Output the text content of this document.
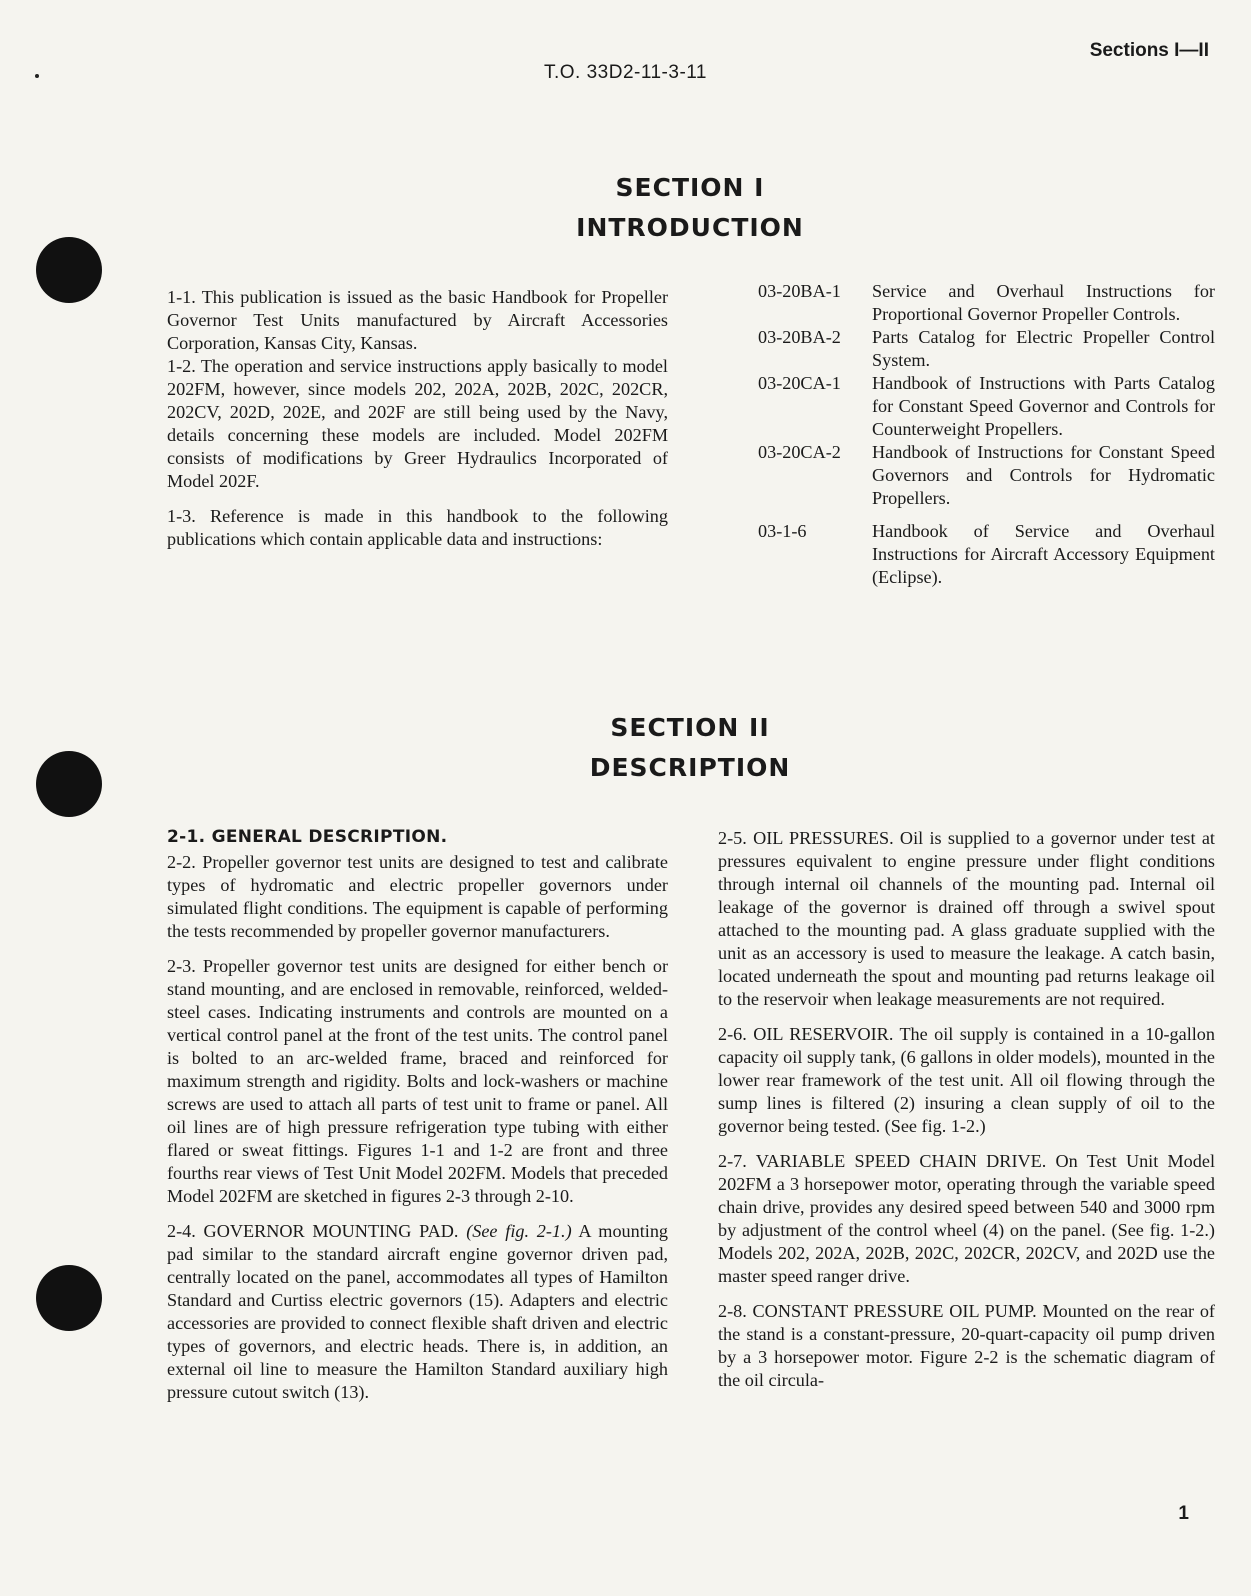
Sections I—II
T.O. 33D2-11-3-11
SECTION I
INTRODUCTION

1-1. This publication is issued as the basic Handbook for Propeller Governor Test Units manufactured by Aircraft Accessories Corporation, Kansas City, Kansas.

1-2. The operation and service instructions apply basically to model 202FM, however, since models 202, 202A, 202B, 202C, 202CR, 202CV, 202D, 202E, and 202F are still being used by the Navy, details concerning these models are included. Model 202FM consists of modifications by Greer Hydraulics Incorporated of Model 202F.

1-3. Reference is made in this handbook to the following publications which contain applicable data and instructions:

03-20BA-1	Service and Overhaul Instructions for Proportional Governor Propeller Controls.
03-20BA-2	Parts Catalog for Electric Propeller Control System.
03-20CA-1	Handbook of Instructions with Parts Catalog for Constant Speed Governor and Controls for Counterweight Propellers.
03-20CA-2	Handbook of Instructions for Constant Speed Governors and Controls for Hydromatic Propellers.
03-1-6	Handbook of Service and Overhaul Instructions for Aircraft Accessory Equipment (Eclipse).
SECTION II
DESCRIPTION

2-1. GENERAL DESCRIPTION.

2-2. Propeller governor test units are designed to test and calibrate types of hydromatic and electric propeller governors under simulated flight conditions. The equipment is capable of performing the tests recommended by propeller governor manufacturers.

2-3. Propeller governor test units are designed for either bench or stand mounting, and are enclosed in removable, reinforced, welded-steel cases. Indicating instruments and controls are mounted on a vertical control panel at the front of the test units. The control panel is bolted to an arc-welded frame, braced and reinforced for maximum strength and rigidity. Bolts and lock-washers or machine screws are used to attach all parts of test unit to frame or panel. All oil lines are of high pressure refrigeration type tubing with either flared or sweat fittings. Figures 1-1 and 1-2 are front and three fourths rear views of Test Unit Model 202FM. Models that preceded Model 202FM are sketched in figures 2-3 through 2-10.

2-4. GOVERNOR MOUNTING PAD. (See fig. 2-1.) A mounting pad similar to the standard aircraft engine governor driven pad, centrally located on the panel, accommodates all types of Hamilton Standard and Curtiss electric governors (15). Adapters and electric accessories are provided to connect flexible shaft driven and electric types of governors, and electric heads. There is, in addition, an external oil line to measure the Hamilton Standard auxiliary high pressure cutout switch (13).

2-5. OIL PRESSURES. Oil is supplied to a governor under test at pressures equivalent to engine pressure under flight conditions through internal oil channels of the mounting pad. Internal oil leakage of the governor is drained off through a swivel spout attached to the mounting pad. A glass graduate supplied with the unit as an accessory is used to measure the leakage. A catch basin, located underneath the spout and mounting pad returns leakage oil to the reservoir when leakage measurements are not required.

2-6. OIL RESERVOIR. The oil supply is contained in a 10-gallon capacity oil supply tank, (6 gallons in older models), mounted in the lower rear framework of the test unit. All oil flowing through the sump lines is filtered (2) insuring a clean supply of oil to the governor being tested. (See fig. 1-2.)

2-7. VARIABLE SPEED CHAIN DRIVE. On Test Unit Model 202FM a 3 horsepower motor, operating through the variable speed chain drive, provides any desired speed between 540 and 3000 rpm by adjustment of the control wheel (4) on the panel. (See fig. 1-2.) Models 202, 202A, 202B, 202C, 202CR, 202CV, and 202D use the master speed ranger drive.

2-8. CONSTANT PRESSURE OIL PUMP. Mounted on the rear of the stand is a constant-pressure, 20-quart-capacity oil pump driven by a 3 horsepower motor. Figure 2-2 is the schematic diagram of the oil circula-

1
